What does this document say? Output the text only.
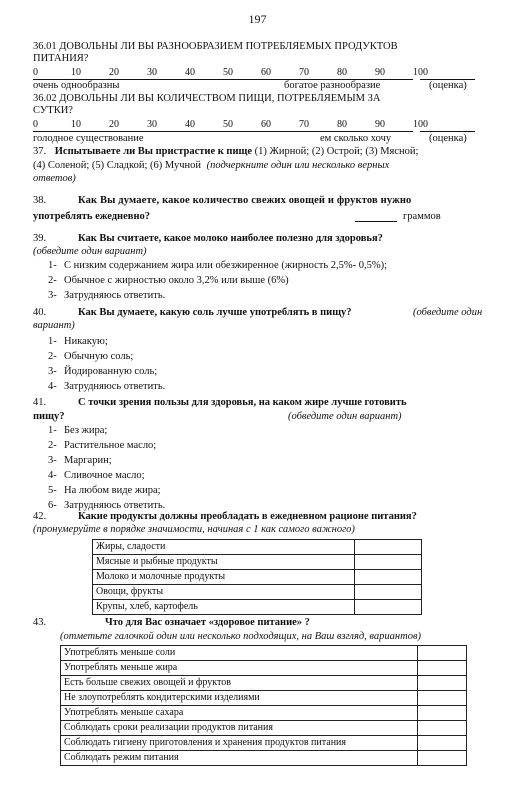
197
36.01 ДОВОЛЬНЫ ЛИ ВЫ РАЗНООБРАЗИЕМ ПОТРЕБЛЯЕМЫХ ПРОДУКТОВ
ПИТАНИЯ?
0	10	20	30	40	50	60	70	80	90	100
очень однообразны	богатое разнообразие	(оценка)
36.02 ДОВОЛЬНЫ ЛИ ВЫ КОЛИЧЕСТВОМ ПИЩИ, ПОТРЕБЛЯЕМЫМ ЗА
СУТКИ?
0	10	20	30	40	50	60	70	80	90	100
голодное существование	ем сколько хочу	(оценка)
37. Испытываете ли Вы пристрастие к пище (1) Жирной; (2) Острой; (3) Мясной;
(4) Соленой; (5) Сладкой; (6) Мучной (подчеркните один или несколько верных
ответов)
38.	Как Вы думаете, какое количество свежих овощей и фруктов нужно
употреблять ежедневно?	граммов
39.	Как Вы считаете, какое молоко наиболее полезно для здоровья?
(обведите один вариант)
1- С низким содержанием жира или обезжиренное (жирность 2,5%- 0,5%);
2- Обычное с жирностью около 3,2% или выше (6%)
3- Затрудняюсь ответить.
40.	Как Вы думаете, какую соль лучше употреблять в пищу?	(обведите один
вариант)
1- Никакую;
2- Обычную соль;
3- Йодированную соль;
4- Затрудняюсь ответить.
41.	С точки зрения пользы для здоровья, на каком жире лучше готовить
пищу?	(обведите один вариант)
1- Без жира;
2- Растительное масло;
3- Маргарин;
4- Сливочное масло;
5- На любом виде жира;
6- Затрудняюсь ответить.
42.	Какие продукты должны преобладать в ежедневном рационе питания?
(пронумеруйте в порядке значимости, начиная с 1 как самого важного)
Жиры, сладости	
Мясные и рыбные продукты	
Молоко и молочные продукты	
Овощи, фрукты	
Крупы, хлеб, картофель	
43.	Что для Вас означает «здоровое питание» ?
(отметьте галочкой один или несколько подходящих, на Ваш взгляд, вариантов)
Употреблять меньше соли	
Употреблять меньше жира	
Есть больше свежих овощей и фруктов	
Не злоупотреблять кондитерскими изделиями	
Употреблять меньше сахара	
Соблюдать сроки реализации продуктов питания	
Соблюдать гигиену приготовления и хранения продуктов питания	
Соблюдать режим питания	
